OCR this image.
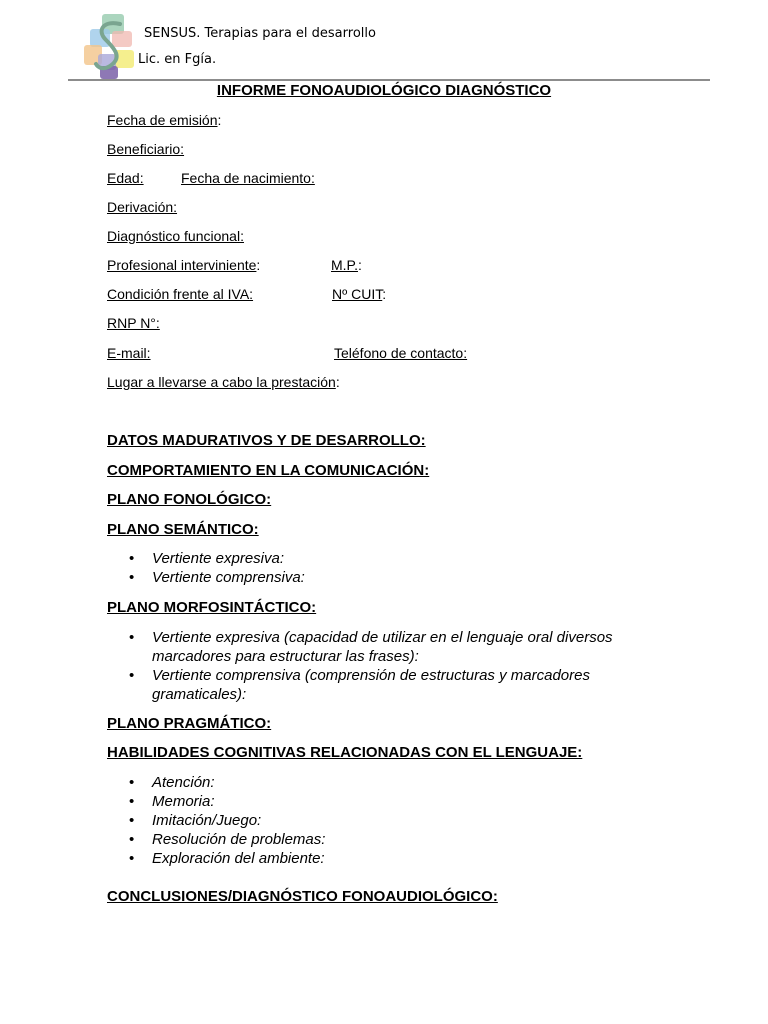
SENSUS. Terapias para el desarrollo
Lic. en Fgía.
INFORME FONOAUDIOLÓGICO DIAGNÓSTICO
Fecha de emisión:
Beneficiario:
Edad:	Fecha de nacimiento:
Derivación:
Diagnóstico funcional:
Profesional interviniente:	M.P.:
Condición frente al IVA:	Nº CUIT:
RNP N°:
E-mail:	Teléfono de contacto:
Lugar a llevarse a cabo la prestación:
DATOS MADURATIVOS Y DE DESARROLLO:
COMPORTAMIENTO EN LA COMUNICACIÓN:
PLANO FONOLÓGICO:
PLANO SEMÁNTICO:
• Vertiente expresiva:
• Vertiente comprensiva:
PLANO MORFOSINTÁCTICO:
• Vertiente expresiva (capacidad de utilizar en el lenguaje oral diversos marcadores para estructurar las frases):
• Vertiente comprensiva (comprensión de estructuras y marcadores gramaticales):
PLANO PRAGMÁTICO:
HABILIDADES COGNITIVAS RELACIONADAS CON EL LENGUAJE:
• Atención:
• Memoria:
• Imitación/Juego:
• Resolución de problemas:
• Exploración del ambiente:
CONCLUSIONES/DIAGNÓSTICO FONOAUDIOLÓGICO:
